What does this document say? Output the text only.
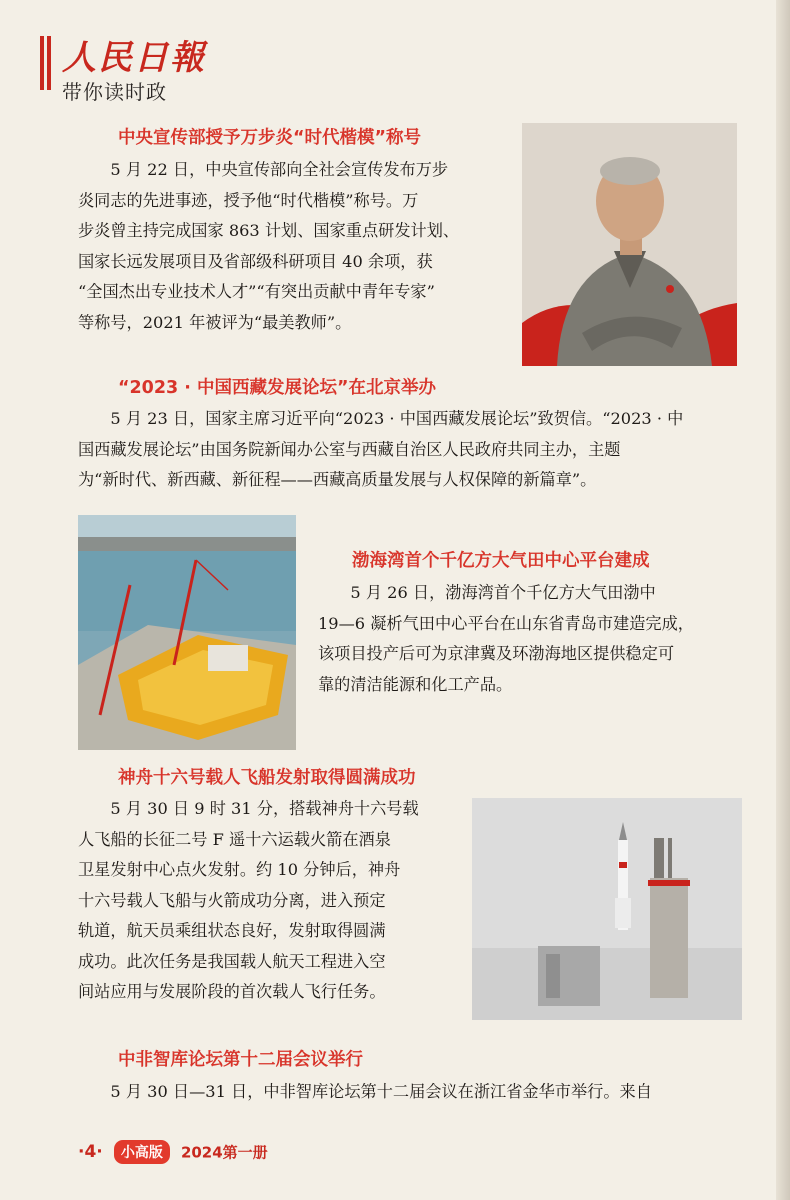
人民日報
带你读时政
中央宣传部授予万步炎“时代楷模”称号
5 月 22 日，中央宣传部向全社会宣传发布万步
炎同志的先进事迹，授予他“时代楷模”称号。万
步炎曾主持完成国家 863 计划、国家重点研发计划、
国家长远发展项目及省部级科研项目 40 余项，获
“全国杰出专业技术人才”“有突出贡献中青年专家”
等称号，2021 年被评为“最美教师”。
“2023 · 中国西藏发展论坛”在北京举办
5 月 23 日，国家主席习近平向“2023 · 中国西藏发展论坛”致贺信。“2023 · 中
国西藏发展论坛”由国务院新闻办公室与西藏自治区人民政府共同主办，主题
为“新时代、新西藏、新征程——西藏高质量发展与人权保障的新篇章”。
渤海湾首个千亿方大气田中心平台建成
5 月 26 日，渤海湾首个千亿方大气田渤中
19—6 凝析气田中心平台在山东省青岛市建造完成，
该项目投产后可为京津冀及环渤海地区提供稳定可
靠的清洁能源和化工产品。
神舟十六号载人飞船发射取得圆满成功
5 月 30 日 9 时 31 分，搭载神舟十六号载
人飞船的长征二号 F 遥十六运载火箭在酒泉
卫星发射中心点火发射。约 10 分钟后，神舟
十六号载人飞船与火箭成功分离，进入预定
轨道，航天员乘组状态良好，发射取得圆满
成功。此次任务是我国载人航天工程进入空
间站应用与发展阶段的首次载人飞行任务。
中非智库论坛第十二届会议举行
5 月 30 日—31 日，中非智库论坛第十二届会议在浙江省金华市举行。来自
·4· 小高版 2024第一册
